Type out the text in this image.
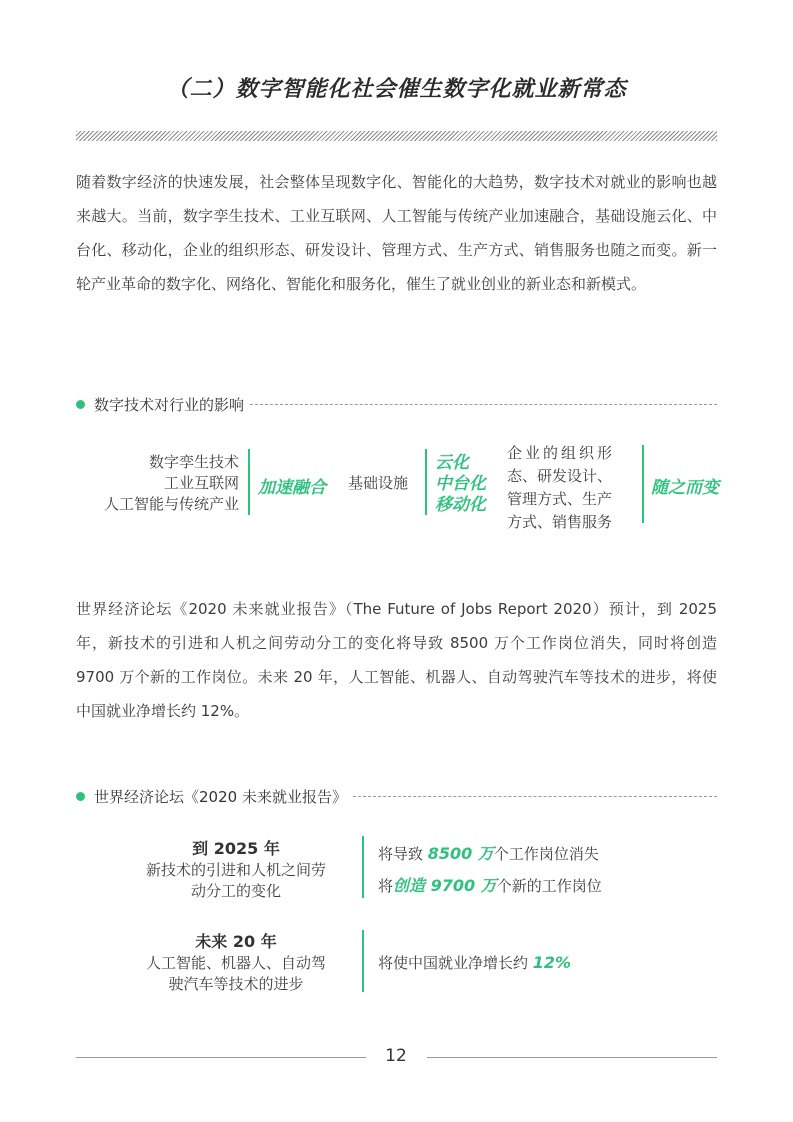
（二）数字智能化社会催生数字化就业新常态

随着数字经济的快速发展，社会整体呈现数字化、智能化的大趋势，数字技术对就业的影响也越来越大。当前，数字孪生技术、工业互联网、人工智能与传统产业加速融合，基础设施云化、中台化、移动化，企业的组织形态、研发设计、管理方式、生产方式、销售服务也随之而变。新一轮产业革命的数字化、网络化、智能化和服务化，催生了就业创业的新业态和新模式。

数字技术对行业的影响
数字孪生技术
工业互联网
人工智能与传统产业
加速融合 基础设施
云化
中台化
移动化
企业的组织形
态、研发设计、
管理方式、生产
方式、销售服务
随之而变

世界经济论坛《2020 未来就业报告》（The Future of Jobs Report 2020）预计，到 2025 年，新技术的引进和人机之间劳动分工的变化将导致 8500 万个工作岗位消失，同时将创造 9700 万个新的工作岗位。未来 20 年，人工智能、机器人、自动驾驶汽车等技术的进步，将使中国就业净增长约 12%。

世界经济论坛《2020 未来就业报告》
到 2025 年
新技术的引进和人机之间劳
动分工的变化
将导致 8500 万个工作岗位消失
将创造 9700 万个新的工作岗位
未来 20 年
人工智能、机器人、自动驾
驶汽车等技术的进步
将使中国就业净增长约 12%
12
